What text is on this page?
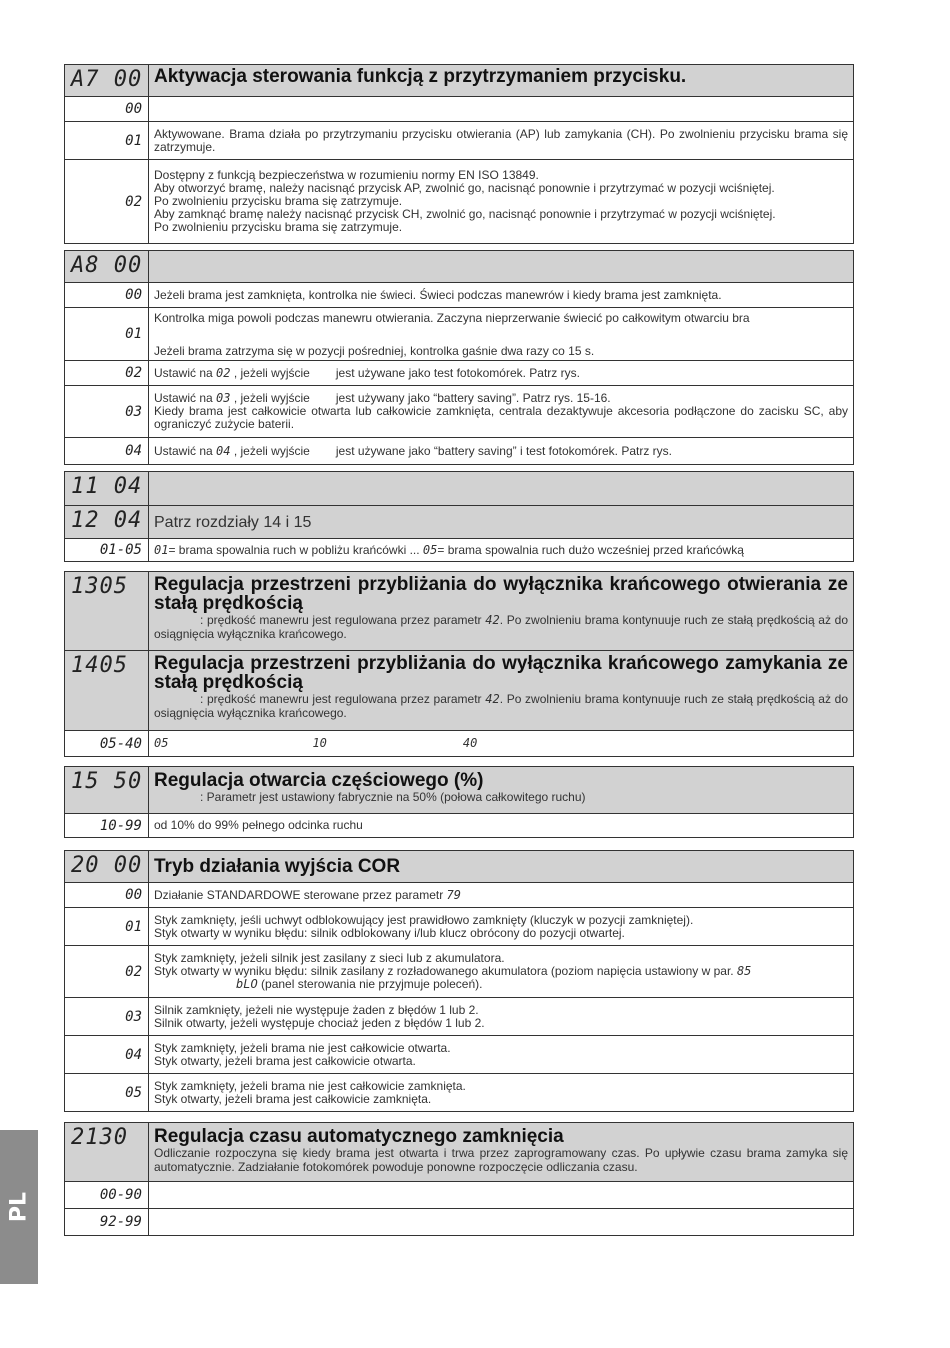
PL
A7 00 Aktywacja sterowania funkcją z przytrzymaniem przycisku.
00
01	Aktywowane. Brama działa po przytrzymaniu przycisku otwierania (AP) lub zamykania (CH). Po zwolnieniu przycisku brama się zatrzymuje.
02
Dostępny z funkcją bezpieczeństwa w rozumieniu normy EN ISO 13849.
Aby otworzyć bramę, należy nacisnąć przycisk AP, zwolnić go, nacisnąć ponownie i przytrzymać w pozycji wciśniętej.
Po zwolnieniu przycisku brama się zatrzymuje.
Aby zamknąć bramę należy nacisnąć przycisk CH, zwolnić go, nacisnąć ponownie i przytrzymać w pozycji wciśniętej.
Po zwolnieniu przycisku brama się zatrzymuje.
A8 00
00	Jeżeli brama jest zamknięta, kontrolka nie świeci. Świeci podczas manewrów i kiedy brama jest zamknięta.
01
Kontrolka miga powoli podczas manewru otwierania. Zaczyna nieprzerwanie świecić po całkowitym otwarciu bra
Jeżeli brama zatrzyma się w pozycji pośredniej, kontrolka gaśnie dwa razy co 15 s.
02	Ustawić na 02 , jeżeli wyjście jest używane jako test fotokomórek. Patrz rys.
03
Ustawić na 03 , jeżeli wyjście jest używany jako “battery saving”. Patrz rys. 15-16.
Kiedy brama jest całkowicie otwarta lub całkowicie zamknięta, centrala dezaktywuje akcesoria podłączone do zacisku SC, aby ograniczyć zużycie baterii.
04	Ustawić na 04 , jeżeli wyjście jest używane jako “battery saving” i test fotokomórek. Patrz rys.
11 04
12 04 Patrz rozdziały 14 i 15
01-05	01= brama spowalnia ruch w pobliżu krańcówki ... 05= brama spowalnia ruch dużo wcześniej przed krańcówką
1305	Regulacja przestrzeni przybliżania do wyłącznika krańcowego otwierania ze stałą prędkością
: prędkość manewru jest regulowana przez parametr 42. Po zwolnieniu brama kontynuuje ruch ze stałą prędkością aż do osiągnięcia wyłącznika krańcowego.
1405	Regulacja przestrzeni przybliżania do wyłącznika krańcowego zamykania ze stałą prędkością
: prędkość manewru jest regulowana przez parametr 42. Po zwolnieniu brama kontynuuje ruch ze stałą prędkością aż do osiągnięcia wyłącznika krańcowego.
05-40	05	10	40
15 50 Regulacja otwarcia częściowego (%)
: Parametr jest ustawiony fabrycznie na 50% (połowa całkowitego ruchu)
10-99	od 10% do 99% pełnego odcinka ruchu
20 00 Tryb działania wyjścia COR
00	Działanie STANDARDOWE sterowane przez parametr 79
01	Styk zamknięty, jeśli uchwyt odblokowujący jest prawidłowo zamknięty (kluczyk w pozycji zamkniętej).
Styk otwarty w wyniku błędu: silnik odblokowany i/lub klucz obrócony do pozycji otwartej.
02
Styk zamknięty, jeżeli silnik jest zasilany z sieci lub z akumulatora.
Styk otwarty w wyniku błędu: silnik zasilany z rozładowanego akumulatora (poziom napięcia ustawiony w par. 85
bLO (panel sterowania nie przyjmuje poleceń).
03	Silnik zamknięty, jeżeli nie występuje żaden z błędów 1 lub 2.
Silnik otwarty, jeżeli występuje chociaż jeden z błędów 1 lub 2.
04	Styk zamknięty, jeżeli brama nie jest całkowicie otwarta.
Styk otwarty, jeżeli brama jest całkowicie otwarta.
05	Styk zamknięty, jeżeli brama nie jest całkowicie zamknięta.
Styk otwarty, jeżeli brama jest całkowicie zamknięta.
2130	Regulacja czasu automatycznego zamknięcia
Odliczanie rozpoczyna się kiedy brama jest otwarta i trwa przez zaprogramowany czas. Po upływie czasu brama zamyka się automatycznie. Zadziałanie fotokomórek powoduje ponowne rozpoczęcie odliczania czasu.
00-90
92-99
